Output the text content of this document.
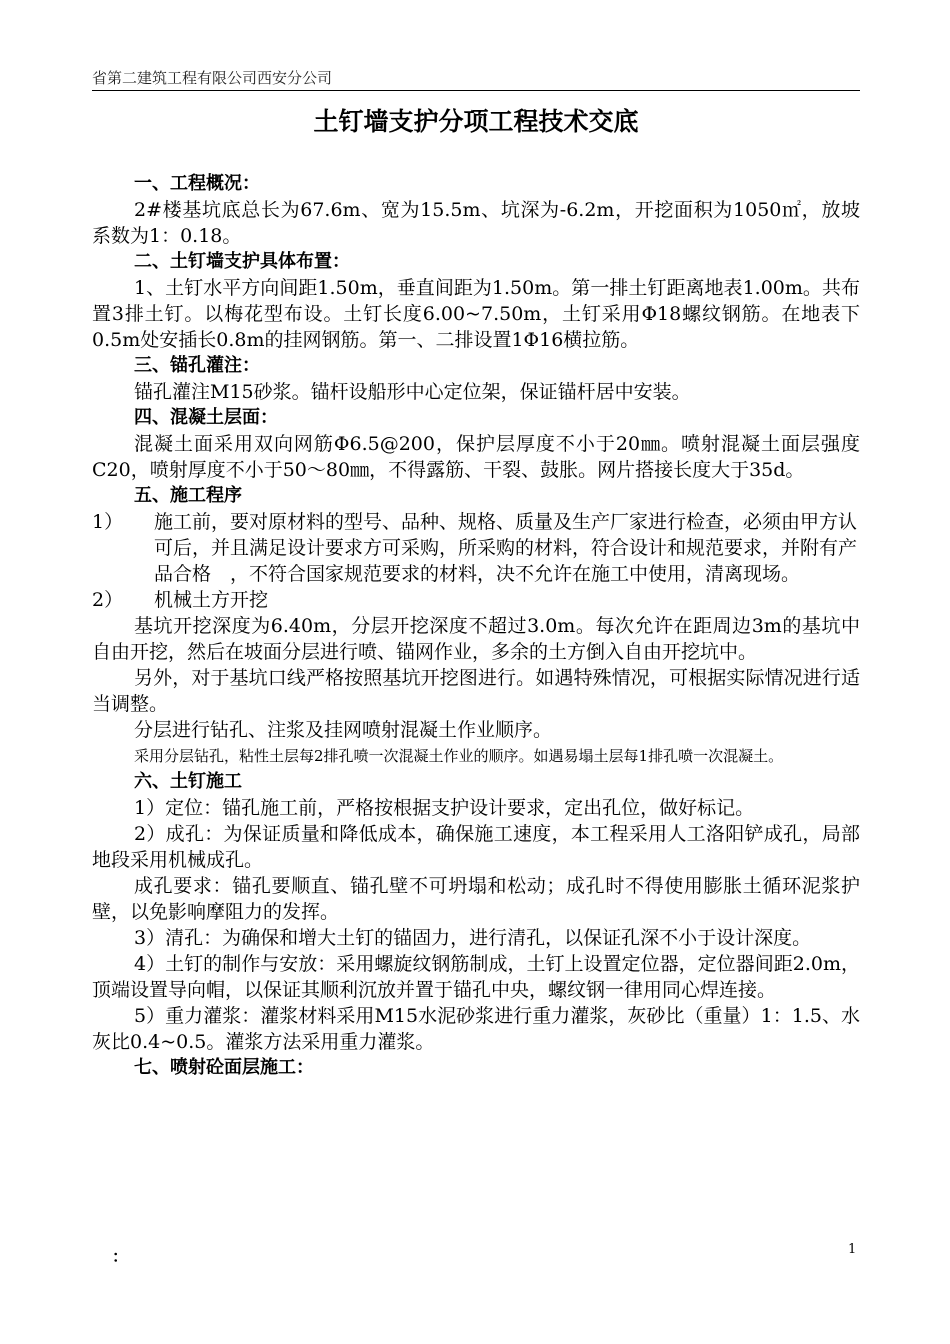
省第二建筑工程有限公司西安分公司
土钉墙支护分项工程技术交底

一、工程概况：

2#楼基坑底总长为67.6m、宽为15.5m、坑深为-6.2m，开挖面积为1050㎡，放坡系数为1：0.18。

二、土钉墙支护具体布置：

1、土钉水平方向间距1.50m，垂直间距为1.50m。第一排土钉距离地表1.00m。共布置3排土钉。以梅花型布设。土钉长度6.00~7.50m，土钉采用Φ18螺纹钢筋。在地表下0.5m处安插长0.8m的挂网钢筋。第一、二排设置1Φ16横拉筋。

三、锚孔灌注：

锚孔灌注M15砂浆。锚杆设船形中心定位架，保证锚杆居中安装。

四、混凝土层面：

混凝土面采用双向网筋Φ6.5@200，保护层厚度不小于20㎜。喷射混凝土面层强度C20，喷射厚度不小于50～80㎜，不得露筋、干裂、鼓胀。网片搭接长度大于35d。

五、施工程序

1）	施工前，要对原材料的型号、品种、规格、质量及生产厂家进行检查，必须由甲方认可后，并且满足设计要求方可采购，所采购的材料，符合设计和规范要求，并附有产品合格　，不符合国家规范要求的材料，决不允许在施工中使用，清离现场。
2）	机械土方开挖

基坑开挖深度为6.40m，分层开挖深度不超过3.0m。每次允许在距周边3m的基坑中自由开挖，然后在坡面分层进行喷、锚网作业，多余的土方倒入自由开挖坑中。

另外，对于基坑口线严格按照基坑开挖图进行。如遇特殊情况，可根据实际情况进行适当调整。

分层进行钻孔、注浆及挂网喷射混凝土作业顺序。

采用分层钻孔，粘性土层每2排孔喷一次混凝土作业的顺序。如遇易塌土层每1排孔喷一次混凝土。

六、土钉施工

1）定位：锚孔施工前，严格按根据支护设计要求，定出孔位，做好标记。

2）成孔：为保证质量和降低成本，确保施工速度，本工程采用人工洛阳铲成孔，局部地段采用机械成孔。

成孔要求：锚孔要顺直、锚孔壁不可坍塌和松动；成孔时不得使用膨胀土循环泥浆护壁，以免影响摩阻力的发挥。

3）清孔：为确保和增大土钉的锚固力，进行清孔，以保证孔深不小于设计深度。

4）土钉的制作与安放：采用螺旋纹钢筋制成，土钉上设置定位器，定位器间距2.0m，顶端设置导向帽，以保证其顺利沉放并置于锚孔中央，螺纹钢一律用同心焊连接。

5）重力灌浆：灌浆材料采用M15水泥砂浆进行重力灌浆，灰砂比（重量）1：1.5、水灰比0.4~0.5。灌浆方法采用重力灌浆。

七、喷射砼面层施工：

：	1
